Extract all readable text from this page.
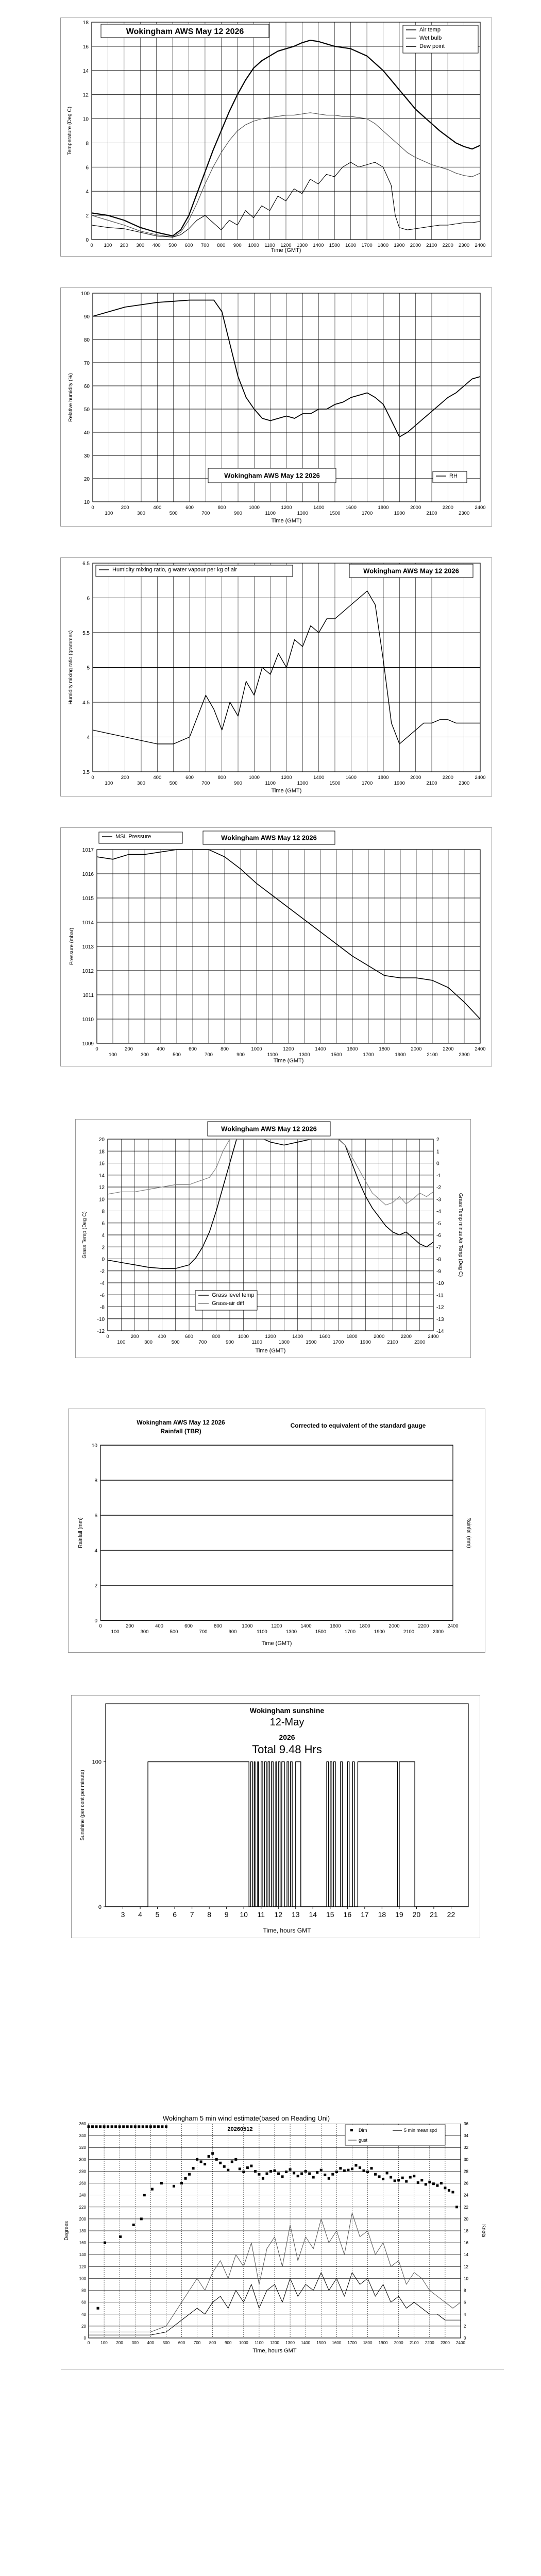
0
2
4
6
8
10
12
14
16
18
0 100 200 300 400 500 600 700 800 900 1000 1100 1200 1300 1400 1500 1600 1700 1800 1900 2000 2100 2200 2300 2400
Wokingham AWS May 12 2026	Air temp
Wet bulb
Dew point
Temperature (Deg C)
Time (GMT)
10
20
30
40
50
60
70
80
90
100
0
100
200
300
400
500
600
700
800
900
1000
1100
1200
1300
1400
1500
1600
1700
1800
1900
2000
2100
2200
2300
2400
Wokingham AWS May 12 2026	RH
Relative humidity (%)
Time (GMT)
3.5
4
4.5
5
5.5
6
6.5
0
100
200
300
400
500
600
700
800
900
1000
1100
1200
1300
1400
1500
1600
1700
1800
1900
2000
2100
2200
2300
2400
Humidity mixing ratio, g water vapour per kg of air	Wokingham AWS May 12 2026
Humidity mixing ratio (grammes)
Time (GMT)
1009
1010
1011
1012
1013
1014
1015
1016
1017
0
100
200
300
400
500
600
700
800
900
1000
1100
1200
1300
1400
1500
1600
1700
1800
1900
2000
2100
2200
2300
2400
MSL Pressure	Wokingham AWS May 12 2026
Pressure (mbar)
Time (GMT)
-12
-10
-8
-6
-4
-2
0
2
4
6
8
10
12
14
16
18
20
0
100
200
300
400
500
600
700
800
900
1000
1100
1200
1300
1400
1500
1600
1700
1800
1900
2000
2100
2200
2300
2400
-14
-13
-12
-11
-10
-9
-8
-7
-6
-5
-4
-3
-2
-1
0
1
2
Wokingham AWS May 12 2026
Grass level temp
Grass-air diff
Grass Temp (Deg C)	Grass Temp minus Air Temp (Deg C)
Time (GMT)
0
2
4
6
8
10
0
100
200
300
400
500
600
700
800
900
1000
1100
1200
1300
1400
1500
1600
1700
1800
1900
2000
2100
2200
2300
2400
Wokingham AWS May 12 2026
Rainfall (TBR)
Corrected to equivalent of the standard gauge
Rainfall (mm)	Rainfall (mm)
Time (GMT)
0
100
3 4 5 6 7 8 9 10 11 12 13 14 15 16 17 18 19 20 21 22
Wokingham sunshine
12-May
2026
Total 9.48 Hrs
Sunshine (per cent per minute)
Time, hours GMT
0
20
40
60
80
100
120
140
160
180
200
220
240
260
280
300
320
340
360
0
2
4
6
8
10
12
14
16
18
20
22
24
26
28
30
32
34
36
0	100 200 300 400 500 600 700 800 900 1000 1100 1200 1300 1400 1500 1600 1700 1800 1900 2000 2100 2200 2300 2400
Wokingham 5 min wind estimate(based on Reading Uni)
20260512	Dirn
gust
5 min mean spd
Degrees	Knots
Time, hours GMT
